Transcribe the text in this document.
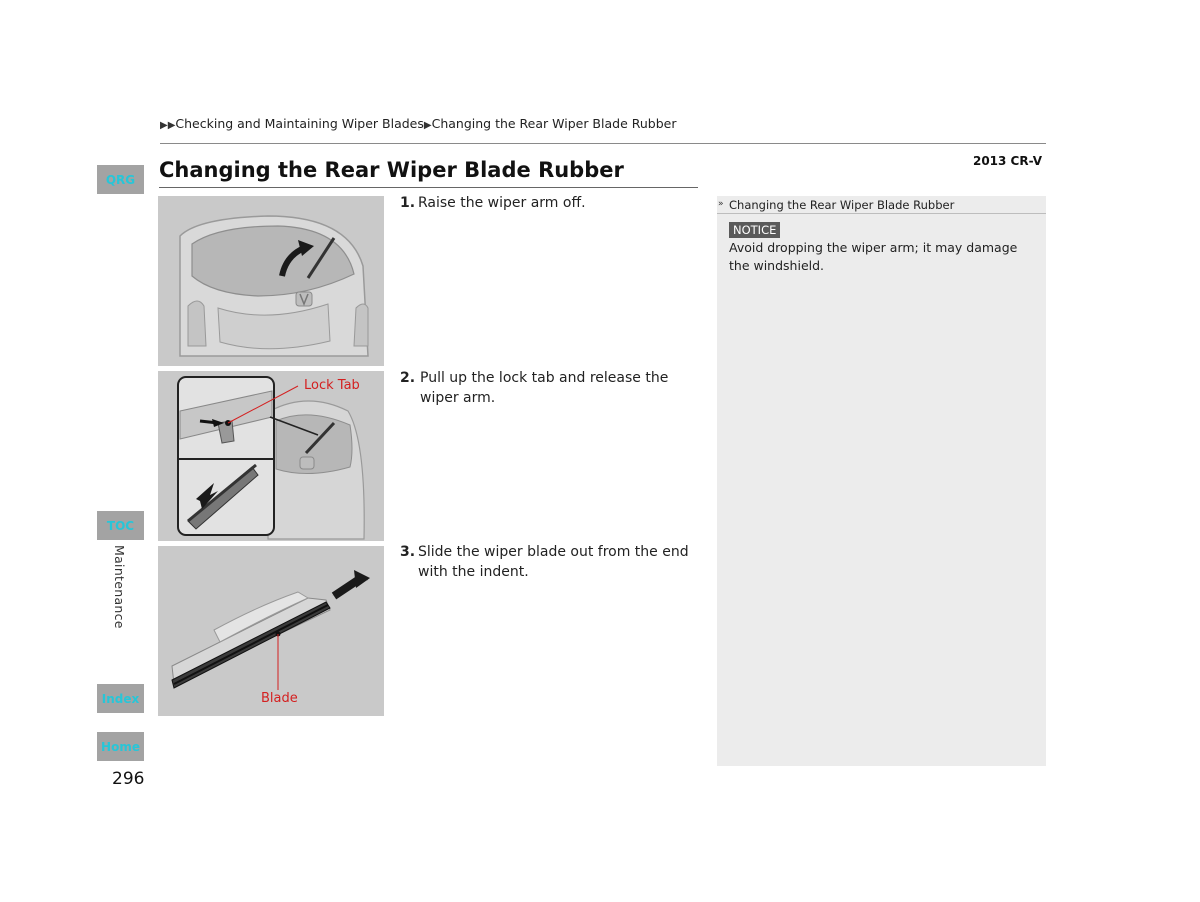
▶▶Checking and Maintaining Wiper Blades▶Changing the Rear Wiper Blade Rubber
2013 CR-V
Changing the Rear Wiper Blade Rubber
QRG
TOC
Maintenance
Index
Home
296
Lock Tab
Blade
1. Raise the wiper arm off.
2. Pull up the lock tab and release the wiper arm.
3. Slide the wiper blade out from the end with the indent.
» Changing the Rear Wiper Blade Rubber
NOTICE
Avoid dropping the wiper arm; it may damage the windshield.
